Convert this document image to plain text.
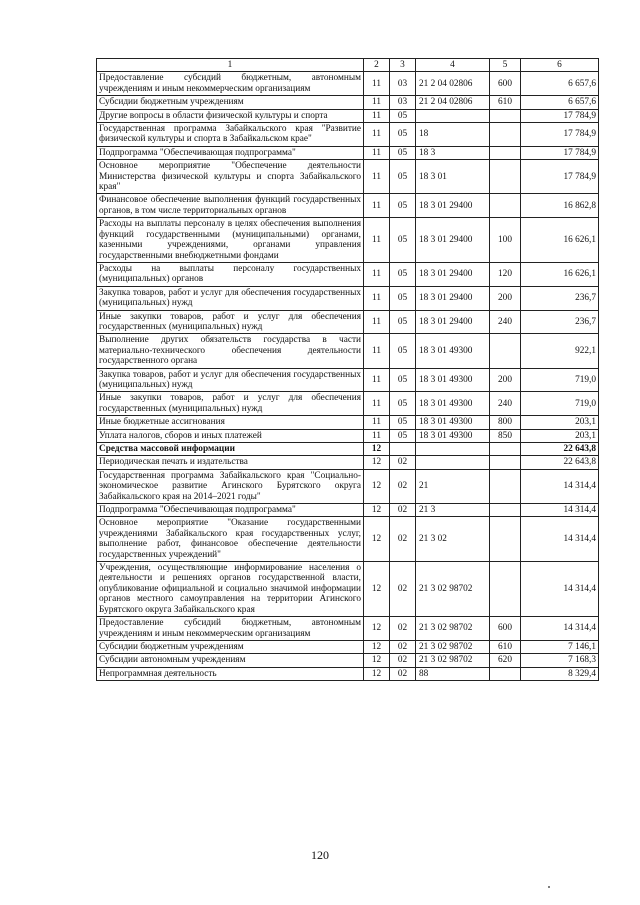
1	2	3	4	5	6
Предоставление субсидий бюджетным, автономным учреждениям и иным некоммерческим организациям	11	03	21 2 04 02806	600	6 657,6
Субсидии бюджетным учреждениям	11	03	21 2 04 02806	610	6 657,6
Другие вопросы в области физической культуры и спорта	11	05			17 784,9
Государственная программа Забайкальского края "Развитие физической культуры и спорта в Забайкальском крае"	11	05	18		17 784,9
Подпрограмма "Обеспечивающая подпрограмма"	11	05	18 3		17 784,9
Основное мероприятие "Обеспечение деятельности Министерства физической культуры и спорта Забайкальского края"	11	05	18 3 01		17 784,9
Финансовое обеспечение выполнения функций государственных органов, в том числе территориальных органов	11	05	18 3 01 29400		16 862,8
Расходы на выплаты персоналу в целях обеспечения выполнения функций государственными (муниципальными) органами, казенными учреждениями, органами управления государственными внебюджетными фондами	11	05	18 3 01 29400	100	16 626,1
Расходы на выплаты персоналу государственных (муниципальных) органов	11	05	18 3 01 29400	120	16 626,1
Закупка товаров, работ и услуг для обеспечения государственных (муниципальных) нужд	11	05	18 3 01 29400	200	236,7
Иные закупки товаров, работ и услуг для обеспечения государственных (муниципальных) нужд	11	05	18 3 01 29400	240	236,7
Выполнение других обязательств государства в части материально-технического обеспечения деятельности государственного органа	11	05	18 3 01 49300		922,1
Закупка товаров, работ и услуг для обеспечения государственных (муниципальных) нужд	11	05	18 3 01 49300	200	719,0
Иные закупки товаров, работ и услуг для обеспечения государственных (муниципальных) нужд	11	05	18 3 01 49300	240	719,0
Иные бюджетные ассигнования	11	05	18 3 01 49300	800	203,1
Уплата налогов, сборов и иных платежей	11	05	18 3 01 49300	850	203,1
Средства массовой информации	12				22 643,8
Периодическая печать и издательства	12	02			22 643,8
Государственная программа Забайкальского края "Социально-экономическое развитие Агинского Бурятского округа Забайкальского края на 2014–2021 годы"	12	02	21		14 314,4
Подпрограмма "Обеспечивающая подпрограмма"	12	02	21 3		14 314,4
Основное мероприятие "Оказание государственными учреждениями Забайкальского края государственных услуг, выполнение работ, финансовое обеспечение деятельности государственных учреждений"	12	02	21 3 02		14 314,4
Учреждения, осуществляющие информирование населения о деятельности и решениях органов государственной власти, опубликование официальной и социально значимой информации органов местного самоуправления на территории Агинского Бурятского округа Забайкальского края	12	02	21 3 02 98702		14 314,4
Предоставление субсидий бюджетным, автономным учреждениям и иным некоммерческим организациям	12	02	21 3 02 98702	600	14 314,4
Субсидии бюджетным учреждениям	12	02	21 3 02 98702	610	7 146,1
Субсидии автономным учреждениям	12	02	21 3 02 98702	620	7 168,3
Непрограммная деятельность	12	02	88		8 329,4
120
